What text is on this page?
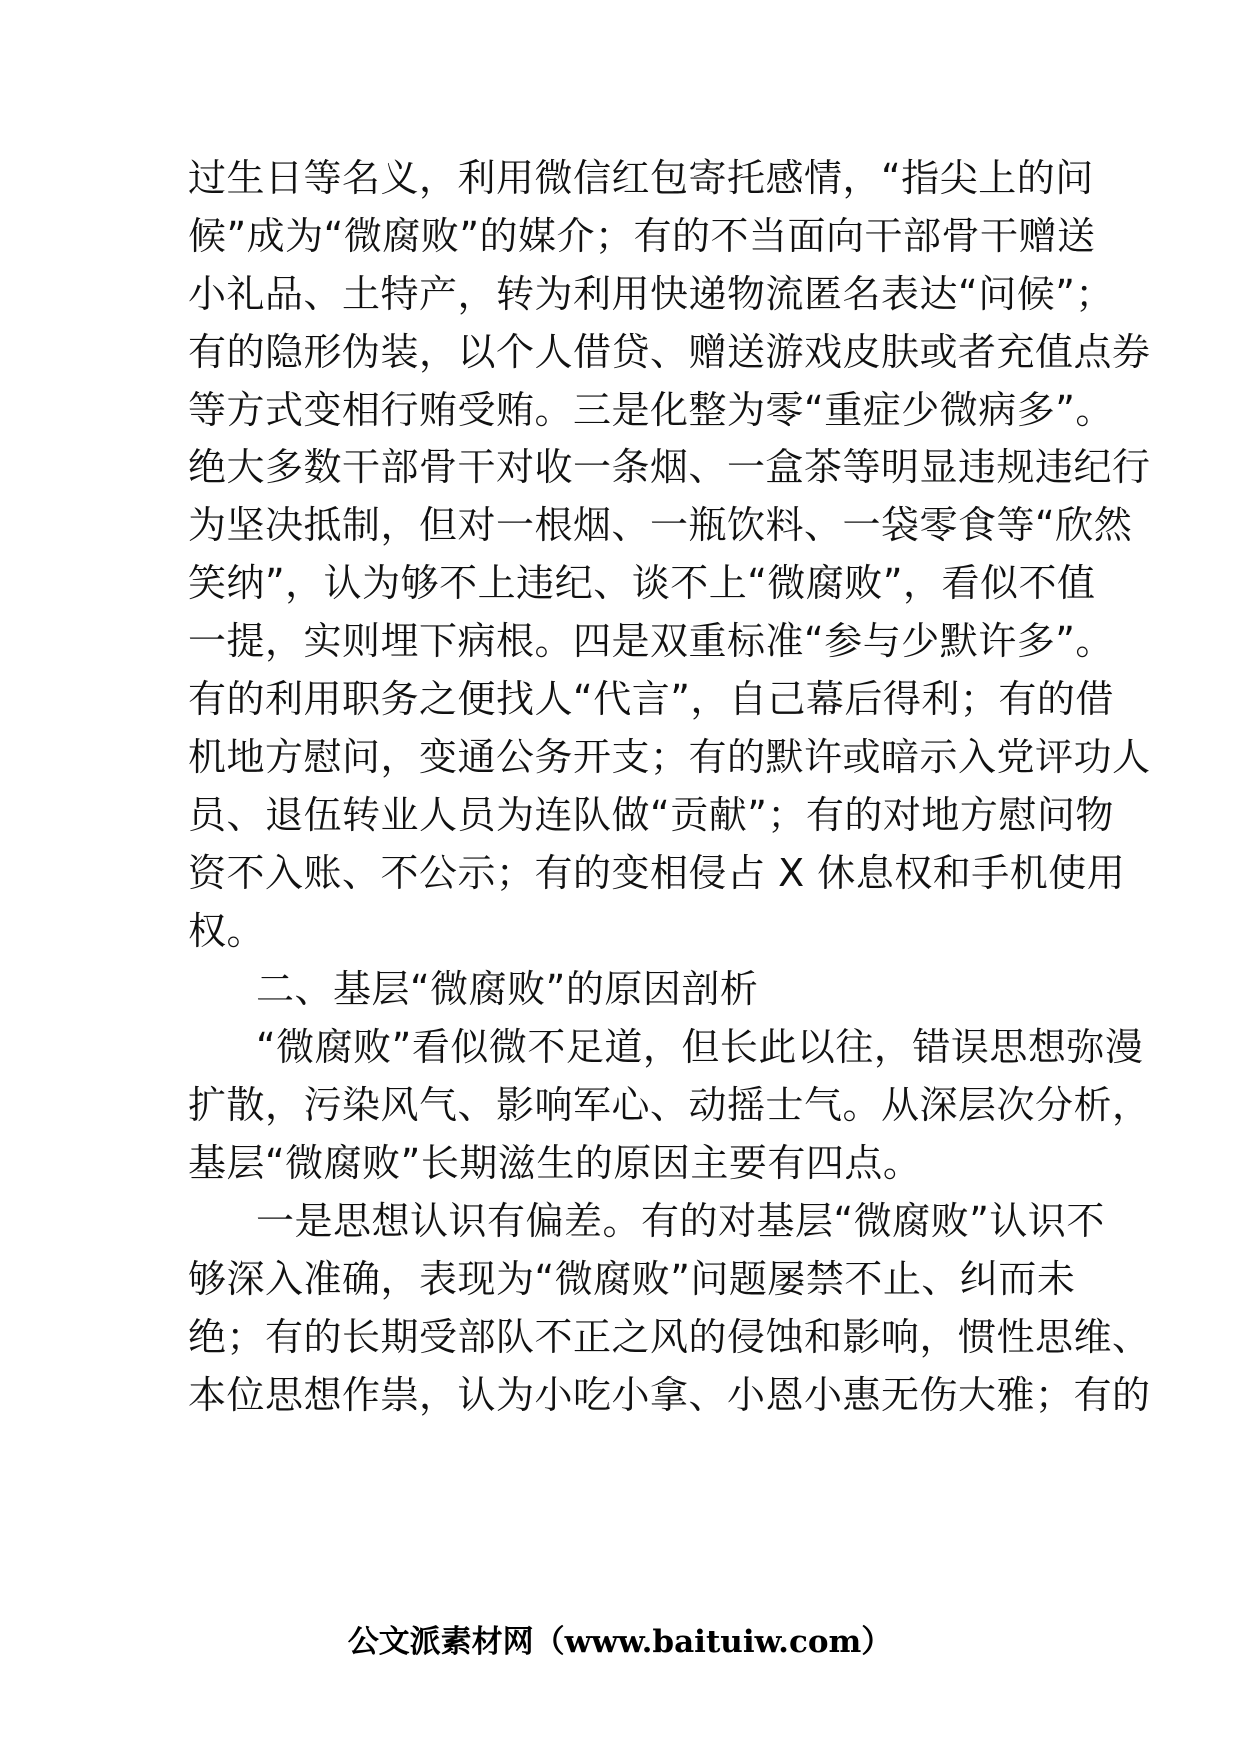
过生日等名义，利用微信红包寄托感情，“指尖上的问
候”成为“微腐败”的媒介；有的不当面向干部骨干赠送
小礼品、土特产，转为利用快递物流匿名表达“问候”；
有的隐形伪装，以个人借贷、赠送游戏皮肤或者充值点券
等方式变相行贿受贿。三是化整为零“重症少微病多”。
绝大多数干部骨干对收一条烟、一盒茶等明显违规违纪行
为坚决抵制，但对一根烟、一瓶饮料、一袋零食等“欣然
笑纳”，认为够不上违纪、谈不上“微腐败”，看似不值
一提，实则埋下病根。四是双重标准“参与少默许多”。
有的利用职务之便找人“代言”，自己幕后得利；有的借
机地方慰问，变通公务开支；有的默许或暗示入党评功人
员、退伍转业人员为连队做“贡献”；有的对地方慰问物
资不入账、不公示；有的变相侵占 X 休息权和手机使用
权。
二、基层“微腐败”的原因剖析
“微腐败”看似微不足道，但长此以往，错误思想弥漫
扩散，污染风气、影响军心、动摇士气。从深层次分析，
基层“微腐败”长期滋生的原因主要有四点。
一是思想认识有偏差。有的对基层“微腐败”认识不
够深入准确，表现为“微腐败”问题屡禁不止、纠而未
绝；有的长期受部队不正之风的侵蚀和影响，惯性思维、
本位思想作祟，认为小吃小拿、小恩小惠无伤大雅；有的
公文派素材网（www.baituiw.com）
